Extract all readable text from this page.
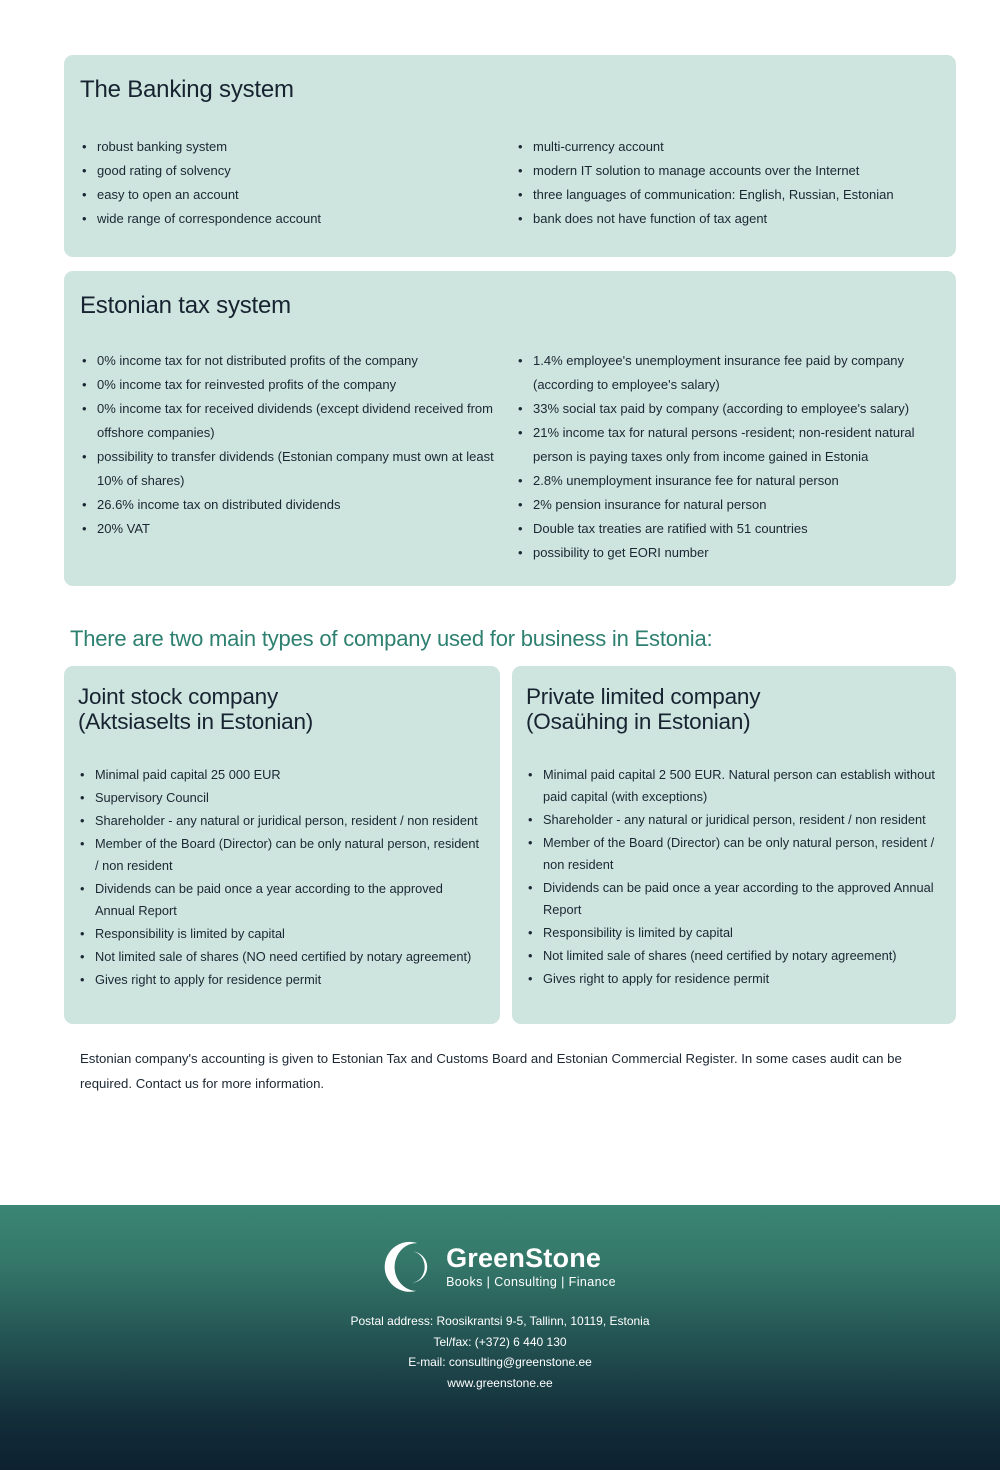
The Banking system
• robust banking system
• good rating of solvency
• easy to open an account
• wide range of correspondence account
• multi-currency account
• modern IT solution to manage accounts over the Internet
• three languages of communication: English, Russian, Estonian
• bank does not have function of tax agent
Estonian tax system
• 0% income tax for not distributed profits of the company
• 0% income tax for reinvested profits of the company
• 0% income tax for received dividends (except dividend received from offshore companies)
• possibility to transfer dividends (Estonian company must own at least 10% of shares)
• 26.6% income tax on distributed dividends
• 20% VAT
• 1.4% employee's unemployment insurance fee paid by company (according to employee's salary)
• 33% social tax paid by company (according to employee's salary)
• 21% income tax for natural persons -resident; non-resident natural person is paying taxes only from income gained in Estonia
• 2.8% unemployment insurance fee for natural person
• 2% pension insurance for natural person
• Double tax treaties are ratified with 51 countries
• possibility to get EORI number
There are two main types of company used for business in Estonia:
Joint stock company
(Aktsiaselts in Estonian)
• Minimal paid capital 25 000 EUR
• Supervisory Council
• Shareholder - any natural or juridical person, resident / non resident
• Member of the Board (Director) can be only natural person, resident / non resident
• Dividends can be paid once a year according to the approved Annual Report
• Responsibility is limited by capital
• Not limited sale of shares (NO need certified by notary agreement)
• Gives right to apply for residence permit
Private limited company
(Osaühing in Estonian)
• Minimal paid capital 2 500 EUR. Natural person can establish without paid capital (with exceptions)
• Shareholder - any natural or juridical person, resident / non resident
• Member of the Board (Director) can be only natural person, resident / non resident
• Dividends can be paid once a year according to the approved Annual Report
• Responsibility is limited by capital
• Not limited sale of shares (need certified by notary agreement)
• Gives right to apply for residence permit

Estonian company's accounting is given to Estonian Tax and Customs Board and Estonian Commercial Register. In some cases audit can be required. Contact us for more information.

GreenStone
Books | Consulting | Finance
Postal address: Roosikrantsi 9-5, Tallinn, 10119, Estonia
Tel/fax: (+372) 6 440 130
E-mail: consulting@greenstone.ee
www.greenstone.ee
